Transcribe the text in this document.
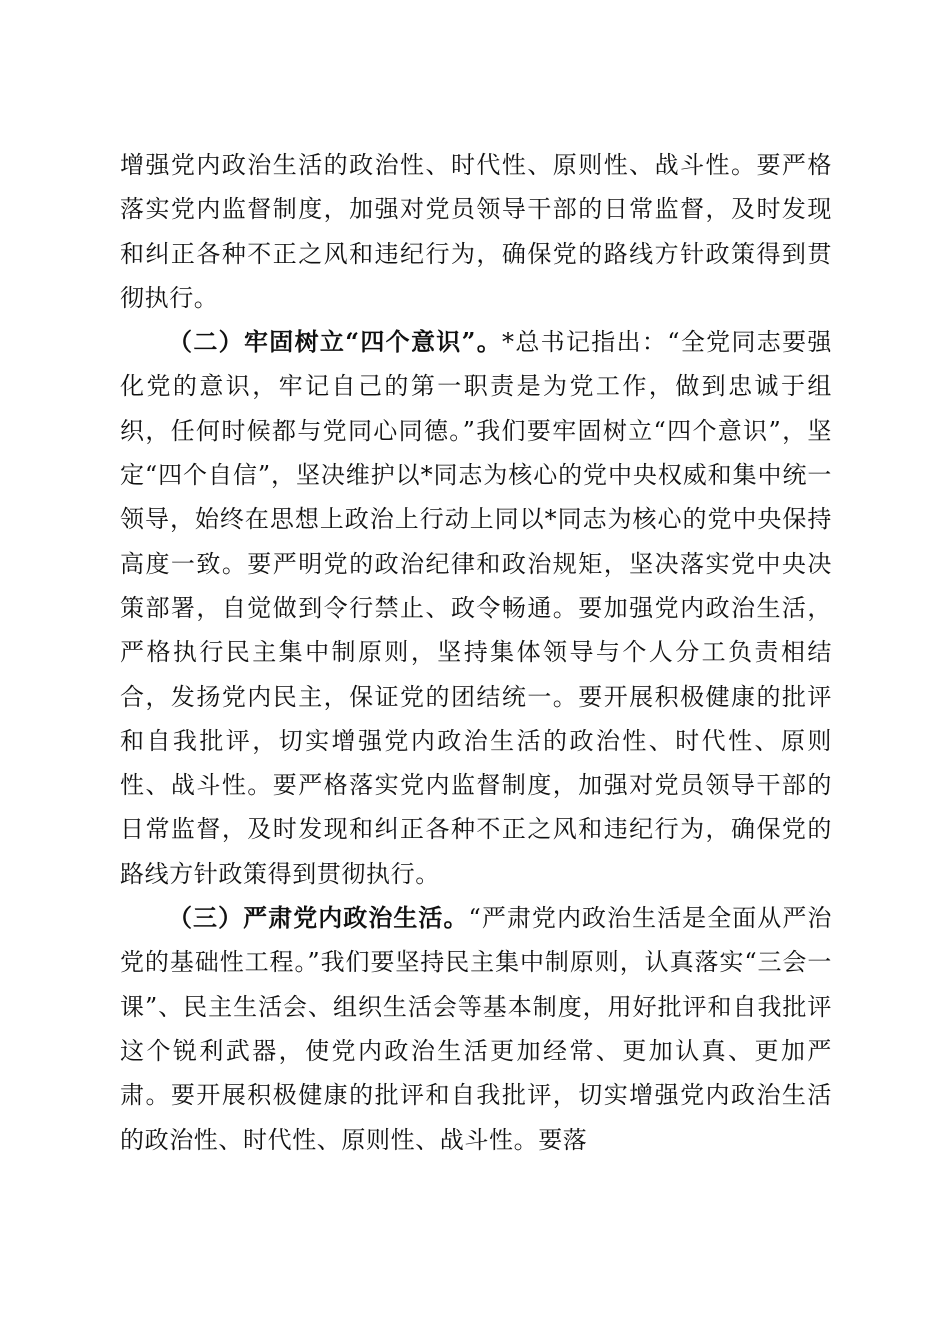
增强党内政治生活的政治性、时代性、原则性、战斗性。要严格落实党内监督制度，加强对党员领导干部的日常监督，及时发现和纠正各种不正之风和违纪行为，确保党的路线方针政策得到贯彻执行。

（二）牢固树立“四个意识”。*总书记指出：“全党同志要强化党的意识，牢记自己的第一职责是为党工作，做到忠诚于组织，任何时候都与党同心同德。”我们要牢固树立“四个意识”，坚定“四个自信”，坚决维护以*同志为核心的党中央权威和集中统一领导，始终在思想上政治上行动上同以*同志为核心的党中央保持高度一致。要严明党的政治纪律和政治规矩，坚决落实党中央决策部署，自觉做到令行禁止、政令畅通。要加强党内政治生活，严格执行民主集中制原则，坚持集体领导与个人分工负责相结合，发扬党内民主，保证党的团结统一。要开展积极健康的批评和自我批评，切实增强党内政治生活的政治性、时代性、原则性、战斗性。要严格落实党内监督制度，加强对党员领导干部的日常监督，及时发现和纠正各种不正之风和违纪行为，确保党的路线方针政策得到贯彻执行。

（三）严肃党内政治生活。“严肃党内政治生活是全面从严治党的基础性工程。”我们要坚持民主集中制原则，认真落实“三会一课”、民主生活会、组织生活会等基本制度，用好批评和自我批评这个锐利武器，使党内政治生活更加经常、更加认真、更加严肃。要开展积极健康的批评和自我批评，切实增强党内政治生活的政治性、时代性、原则性、战斗性。要落
